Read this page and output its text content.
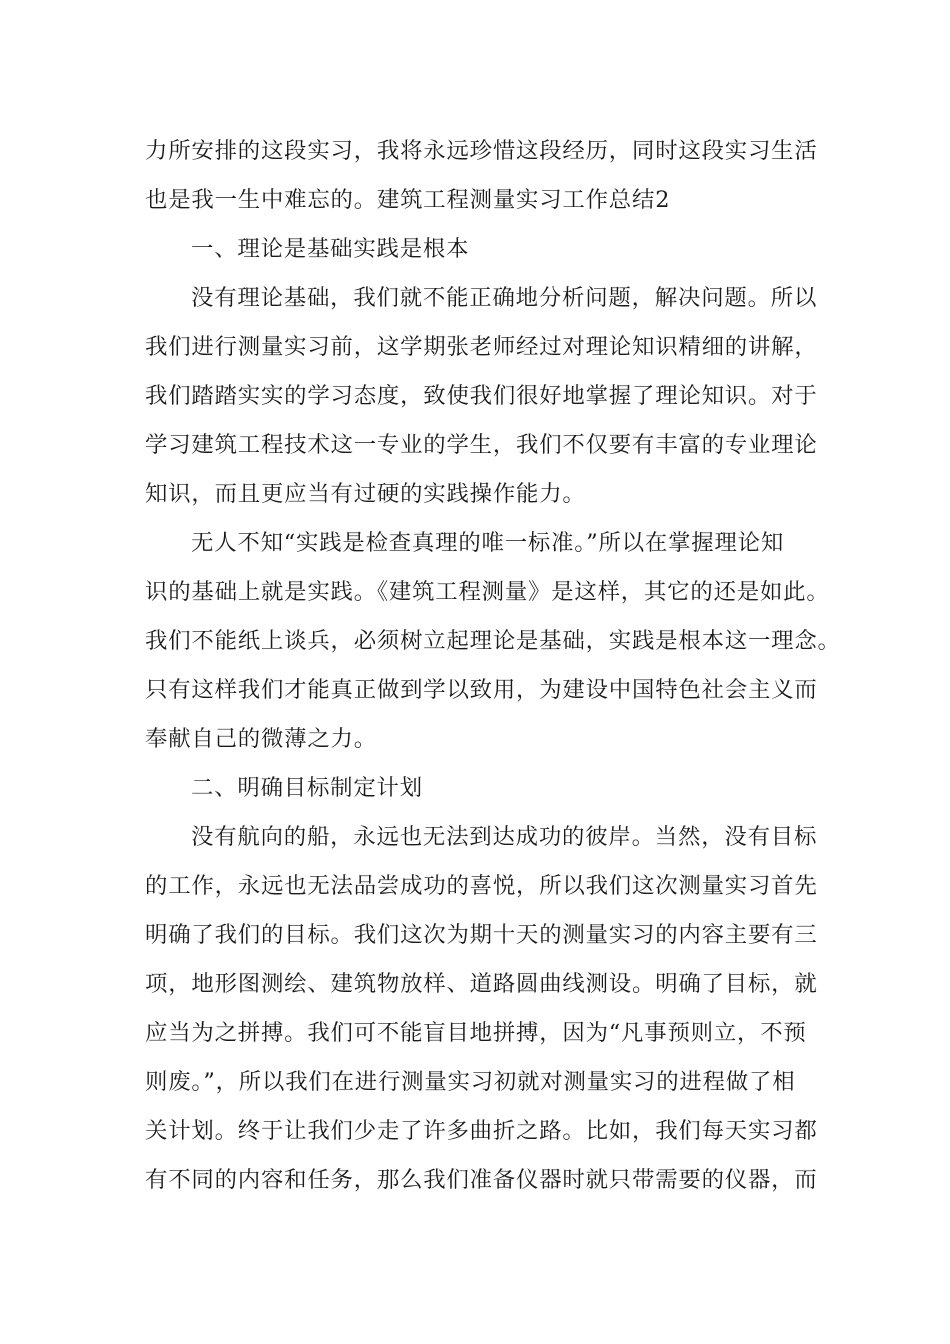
力所安排的这段实习，我将永远珍惜这段经历，同时这段实习生活
也是我一生中难忘的。建筑工程测量实习工作总结2
一、理论是基础实践是根本
没有理论基础，我们就不能正确地分析问题，解决问题。所以
我们进行测量实习前，这学期张老师经过对理论知识精细的讲解，
我们踏踏实实的学习态度，致使我们很好地掌握了理论知识。对于
学习建筑工程技术这一专业的学生，我们不仅要有丰富的专业理论
知识，而且更应当有过硬的实践操作能力。
无人不知“实践是检查真理的唯一标准。”所以在掌握理论知
识的基础上就是实践。《建筑工程测量》是这样，其它的还是如此。
我们不能纸上谈兵，必须树立起理论是基础，实践是根本这一理念。
只有这样我们才能真正做到学以致用，为建设中国特色社会主义而
奉献自己的微薄之力。
二、明确目标制定计划
没有航向的船，永远也无法到达成功的彼岸。当然，没有目标
的工作，永远也无法品尝成功的喜悦，所以我们这次测量实习首先
明确了我们的目标。我们这次为期十天的测量实习的内容主要有三
项，地形图测绘、建筑物放样、道路圆曲线测设。明确了目标，就
应当为之拼搏。我们可不能盲目地拼搏，因为“凡事预则立，不预
则废。”，所以我们在进行测量实习初就对测量实习的进程做了相
关计划。终于让我们少走了许多曲折之路。比如，我们每天实习都
有不同的内容和任务，那么我们准备仪器时就只带需要的仪器，而
